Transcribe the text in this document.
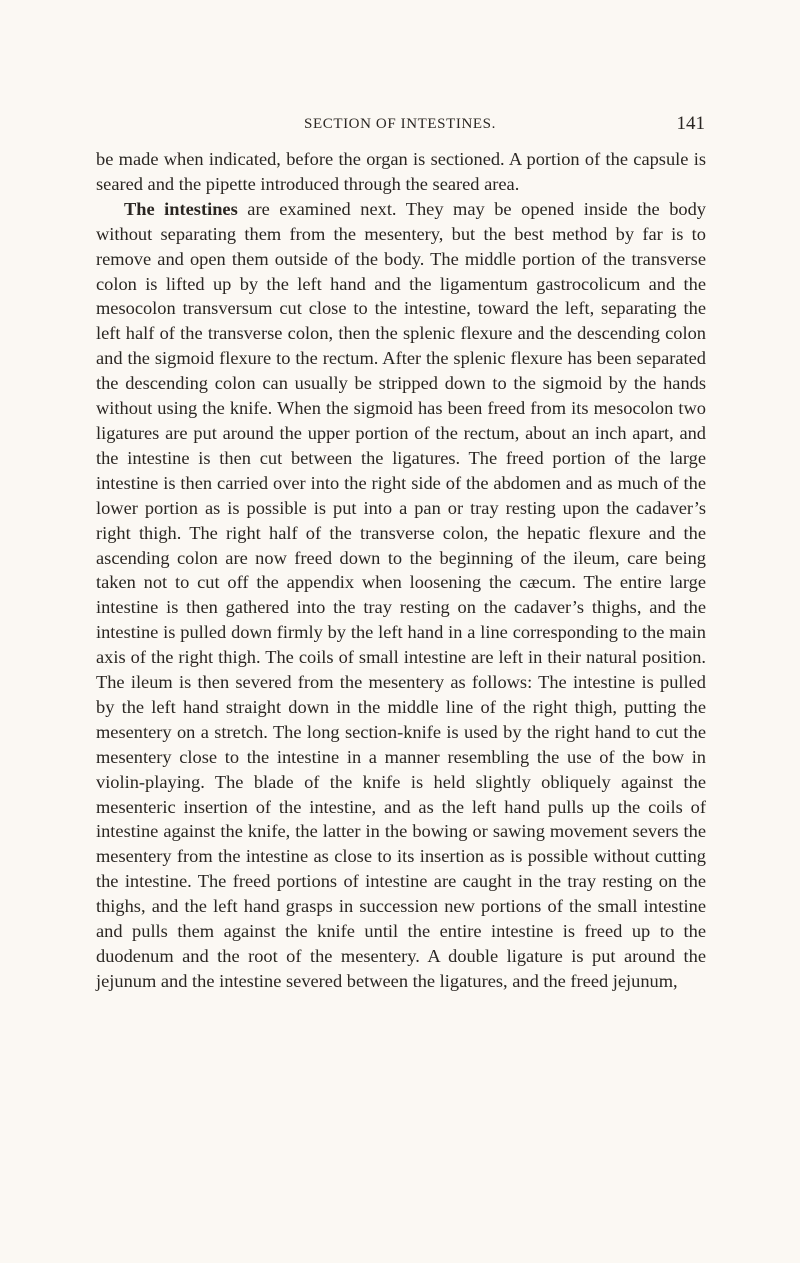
SECTION OF INTESTINES.	141

be made when indicated, before the organ is sectioned. A portion of the capsule is seared and the pipette introduced through the seared area.

The intestines are examined next. They may be opened inside the body without separating them from the mesentery, but the best method by far is to remove and open them outside of the body. The middle portion of the transverse colon is lifted up by the left hand and the ligamentum gastrocolicum and the mesocolon transversum cut close to the intestine, toward the left, separating the left half of the transverse colon, then the splenic flexure and the descending colon and the sigmoid flexure to the rectum. After the splenic flexure has been separated the descending colon can usually be stripped down to the sigmoid by the hands without using the knife. When the sigmoid has been freed from its mesocolon two ligatures are put around the upper portion of the rectum, about an inch apart, and the intestine is then cut between the ligatures. The freed portion of the large intestine is then carried over into the right side of the abdomen and as much of the lower portion as is possible is put into a pan or tray resting upon the cadaver’s right thigh. The right half of the transverse colon, the hepatic flexure and the ascending colon are now freed down to the beginning of the ileum, care being taken not to cut off the appendix when loosening the cæcum. The entire large intestine is then gathered into the tray resting on the cadaver’s thighs, and the intestine is pulled down firmly by the left hand in a line corresponding to the main axis of the right thigh. The coils of small intestine are left in their natural position. The ileum is then severed from the mesentery as follows: The intestine is pulled by the left hand straight down in the middle line of the right thigh, putting the mesentery on a stretch. The long section-knife is used by the right hand to cut the mesentery close to the intestine in a manner resembling the use of the bow in violin-playing. The blade of the knife is held slightly obliquely against the mesenteric insertion of the intestine, and as the left hand pulls up the coils of intestine against the knife, the latter in the bowing or sawing movement severs the mesentery from the intestine as close to its insertion as is possible without cutting the intestine. The freed portions of intestine are caught in the tray resting on the thighs, and the left hand grasps in succession new portions of the small intestine and pulls them against the knife until the entire intestine is freed up to the duodenum and the root of the mesentery. A double ligature is put around the jejunum and the intestine severed between the ligatures, and the freed jejunum,
